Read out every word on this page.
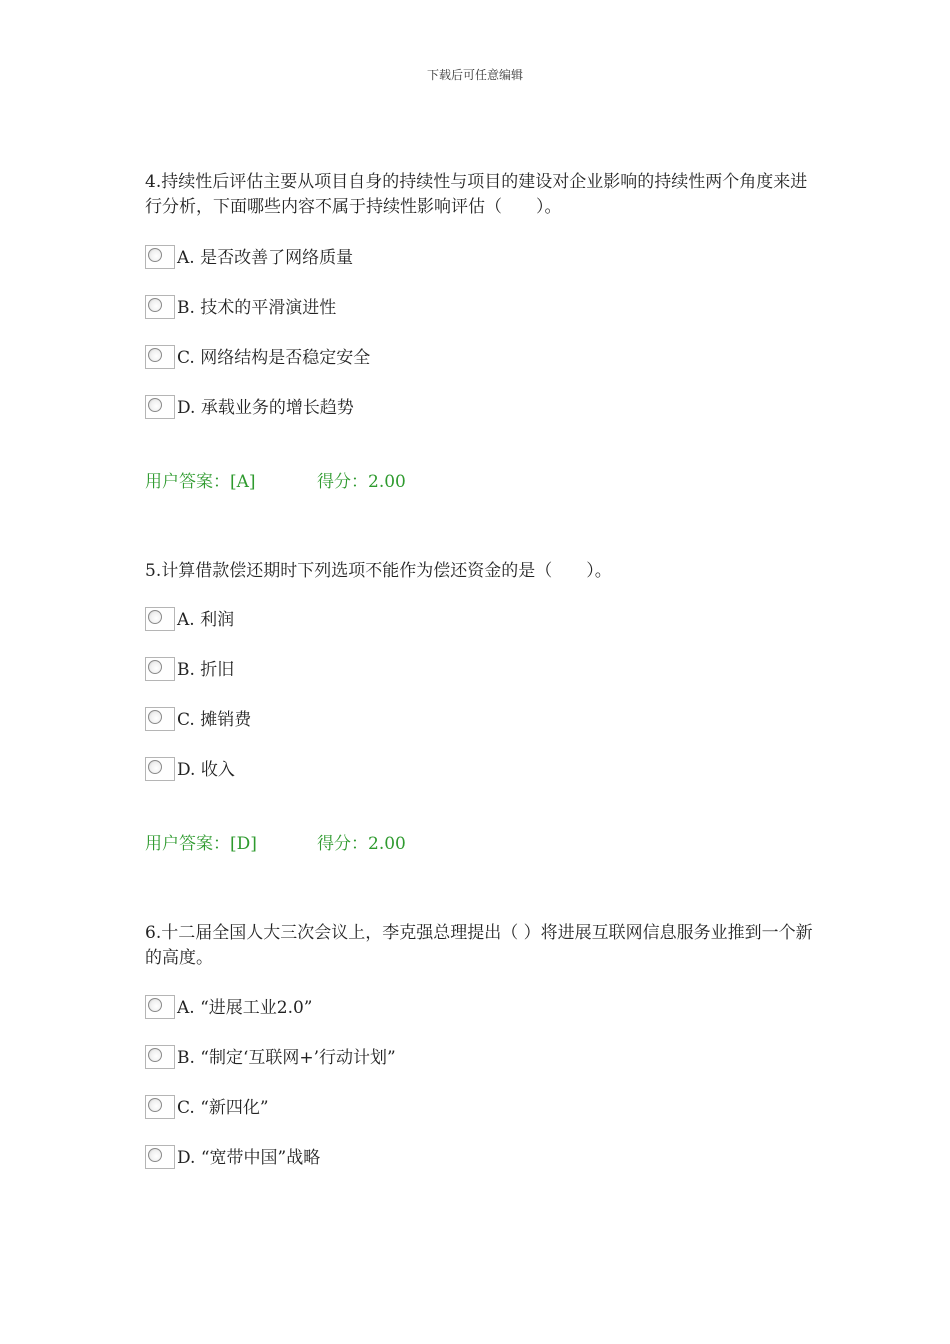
下载后可任意编辑

4.持续性后评估主要从项目自身的持续性与项目的建设对企业影响的持续性两个角度来进行分析，下面哪些内容不属于持续性影响评估（　　）。

A. 是否改善了网络质量
B. 技术的平滑演进性
C. 网络结构是否稳定安全
D. 承载业务的增长趋势
用户答案：[A]	得分：2.00

5.计算借款偿还期时下列选项不能作为偿还资金的是（　　）。

A. 利润
B. 折旧
C. 摊销费
D. 收入
用户答案：[D]	得分：2.00

6.十二届全国人大三次会议上，李克强总理提出（ ）将进展互联网信息服务业推到一个新的高度。

A. “进展工业2.0”
B. “制定‘互联网+’行动计划”
C. “新四化”
D. “宽带中国”战略
